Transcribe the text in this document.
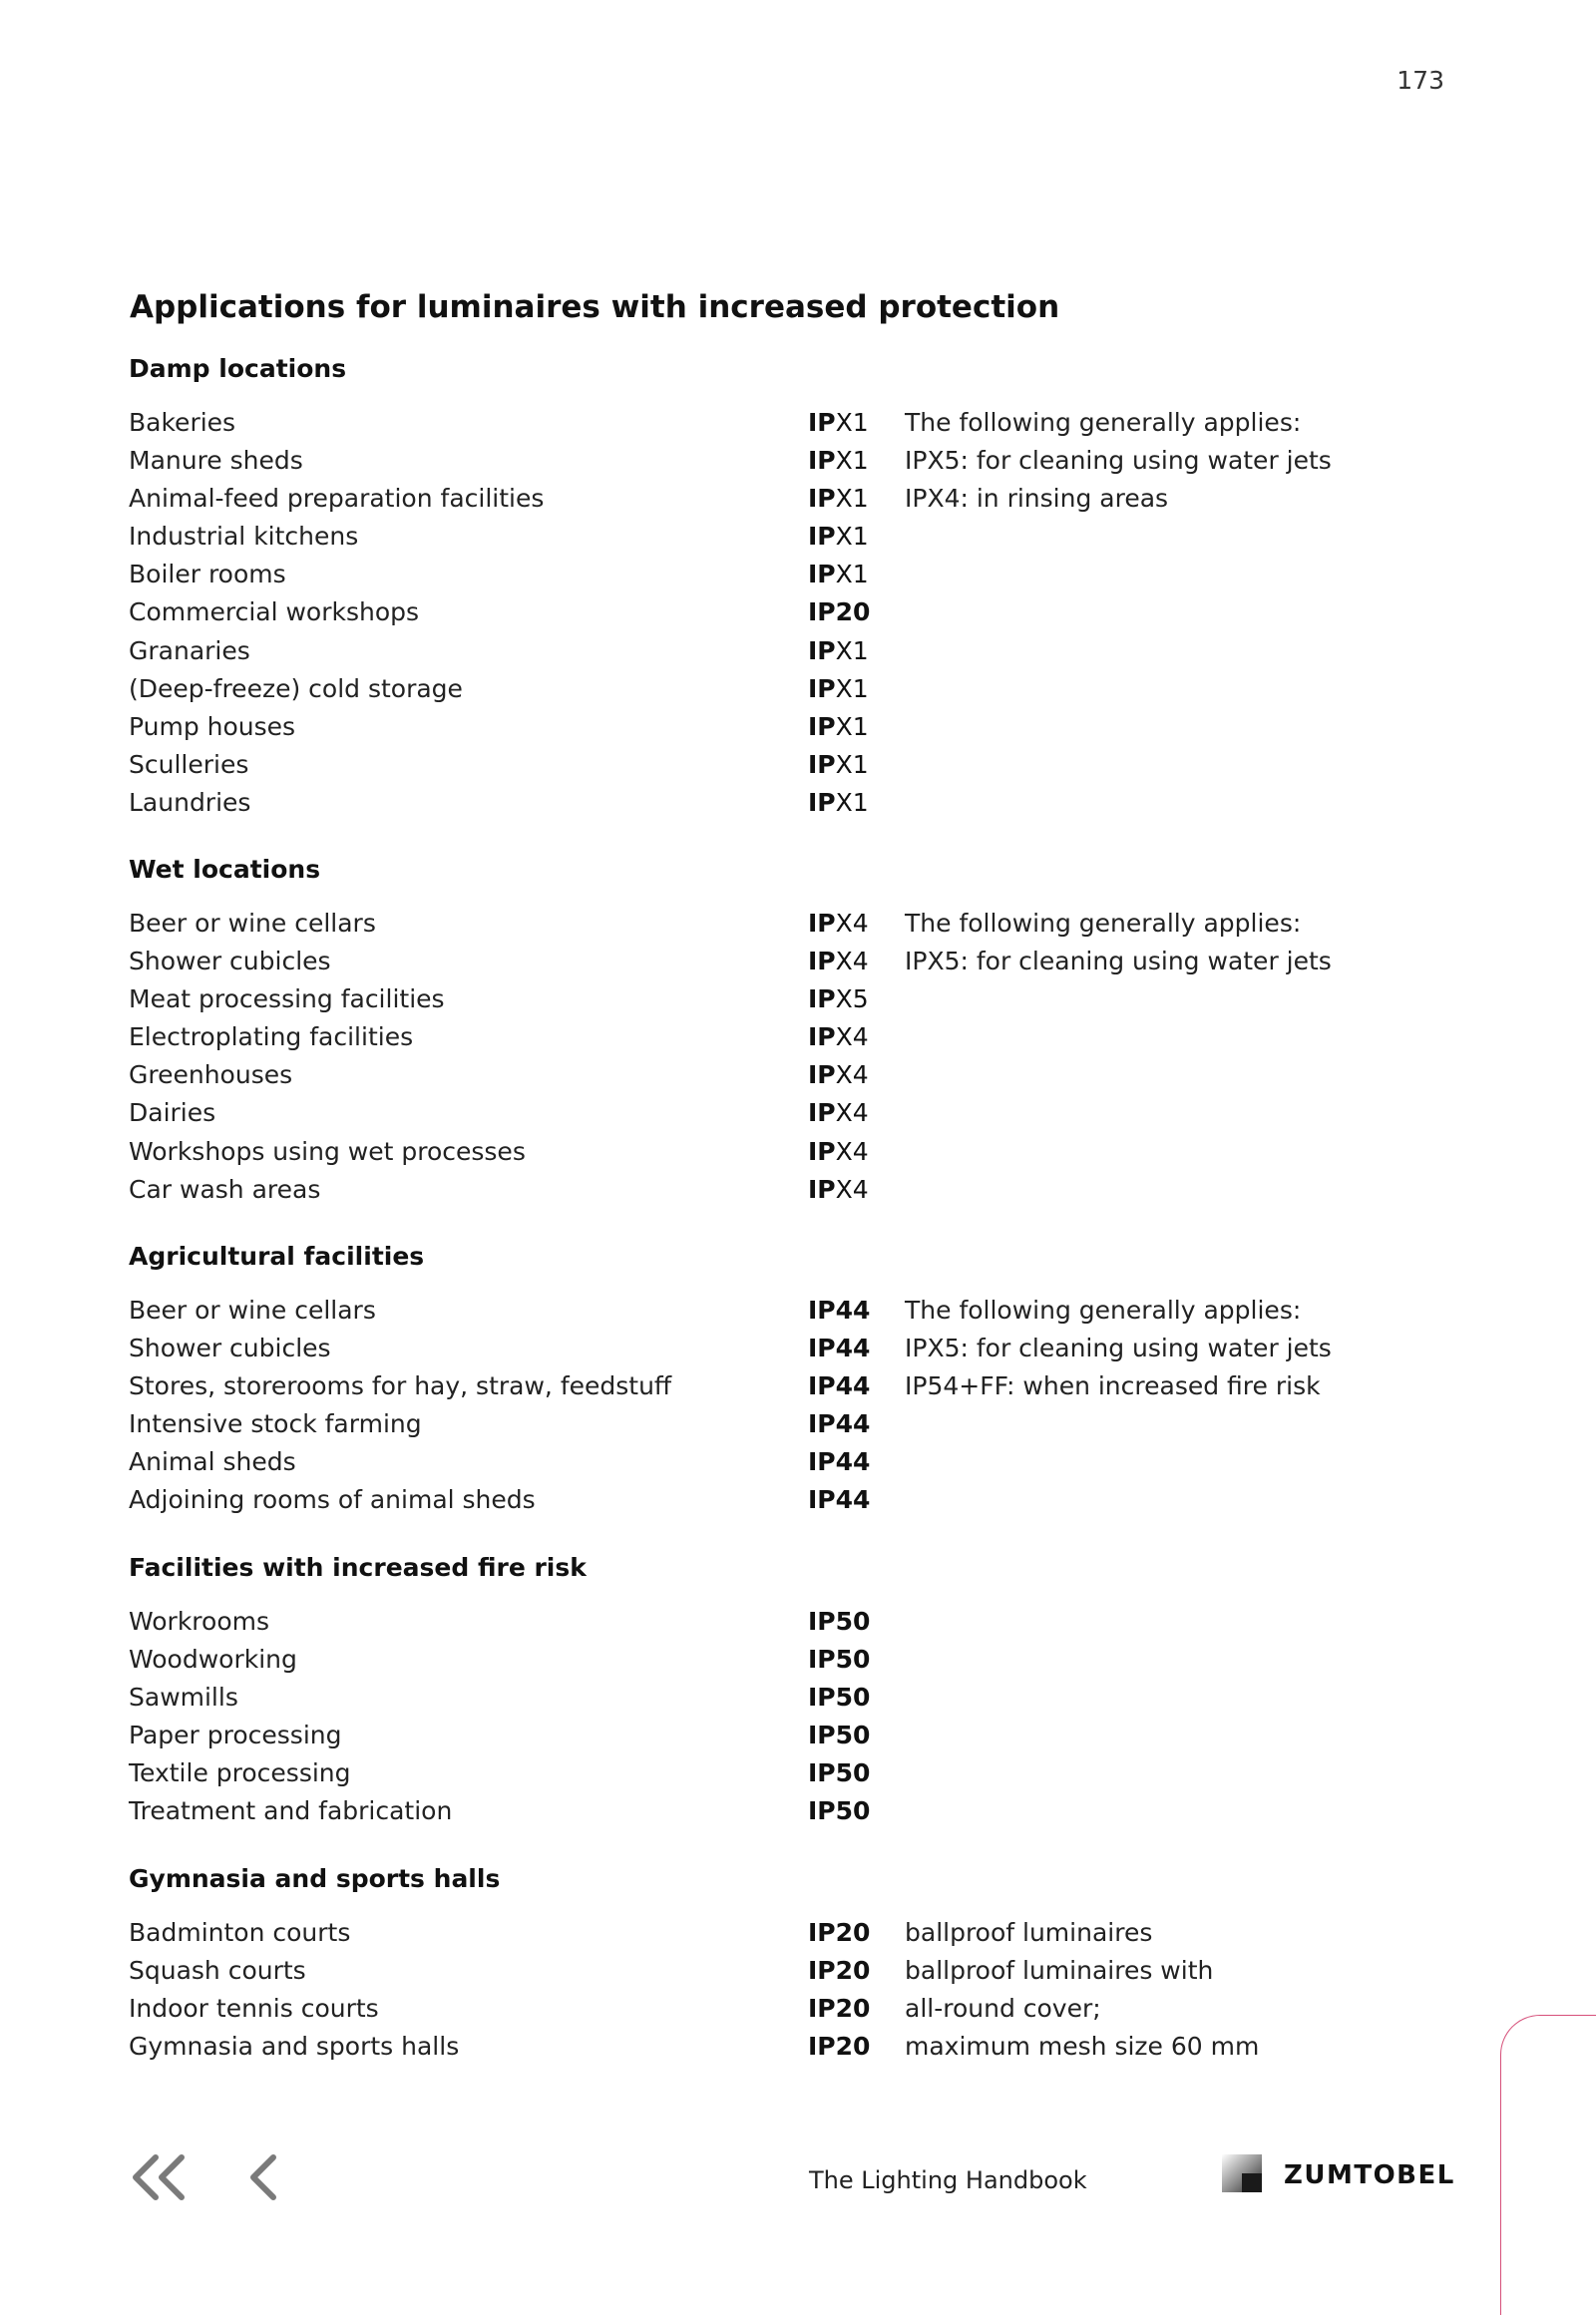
173
Applications for luminaires with increased protection
Damp locations
Bakeries	IPX1 The following generally applies:
Manure sheds	IPX1 IPX5: for cleaning using water jets
Animal-feed preparation facilities	IPX1 IPX4: in rinsing areas
Industrial kitchens	IPX1
Boiler rooms	IPX1
Commercial workshops	IP20
Granaries	IPX1
(Deep-freeze) cold storage	IPX1
Pump houses	IPX1
Sculleries	IPX1
Laundries	IPX1
Wet locations
Beer or wine cellars	IPX4 The following generally applies:
Shower cubicles	IPX4 IPX5: for cleaning using water jets
Meat processing facilities	IPX5
Electroplating facilities	IPX4
Greenhouses	IPX4
Dairies	IPX4
Workshops using wet processes	IPX4
Car wash areas	IPX4
Agricultural facilities
Beer or wine cellars	IP44 The following generally applies:
Shower cubicles	IP44 IPX5: for cleaning using water jets
Stores, storerooms for hay, straw, feedstuff	IP44 IP54+FF: when increased fire risk
Intensive stock farming	IP44
Animal sheds	IP44
Adjoining rooms of animal sheds	IP44
Facilities with increased fire risk
Workrooms	IP50
Woodworking	IP50
Sawmills	IP50
Paper processing	IP50
Textile processing	IP50
Treatment and fabrication	IP50
Gymnasia and sports halls
Badminton courts	IP20 ballproof luminaires
Squash courts	IP20 ballproof luminaires with
Indoor tennis courts	IP20 all-round cover;
Gymnasia and sports halls	IP20 maximum mesh size 60 mm
The Lighting Handbook	ZUMTOBEL
